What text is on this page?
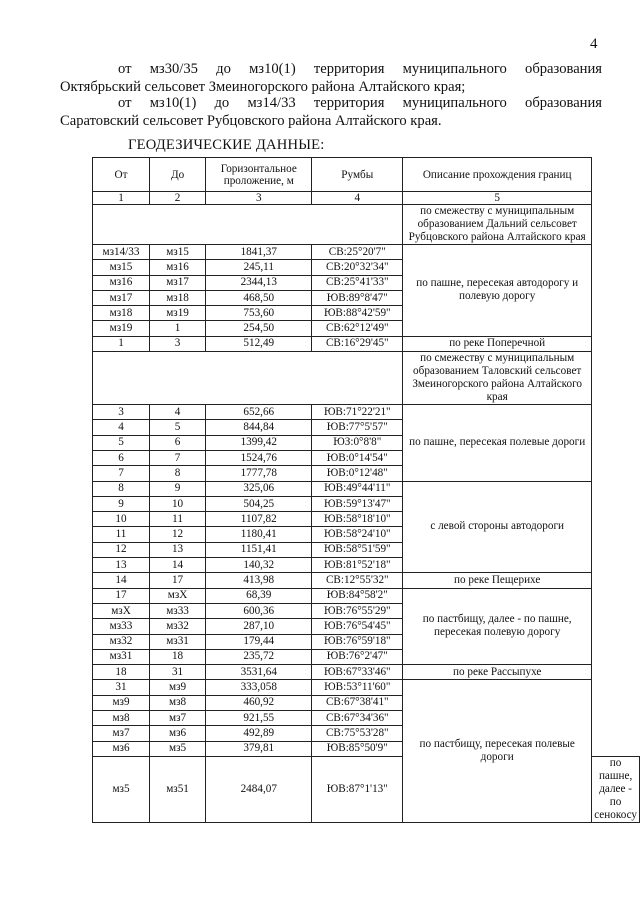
4
от мз30/35 до мз10(1) территория муниципального образования
Октябрьский сельсовет Змеиногорского района Алтайского края;
от мз10(1) до мз14/33 территория муниципального образования
Саратовский сельсовет Рубцовского района Алтайского края.
ГЕОДЕЗИЧЕСКИЕ ДАННЫЕ:
От	До	Горизонтальное проложение, м	Румбы	Описание прохождения границ	
1	2	3	4	5	
				по смежеству с муниципальным образованием Дальний сельсовет Рубцовского района Алтайского края	
мз14/33	мз15	1841,37	СВ:25°20'7"	по пашне, пересекая автодорогу и полевую дорогу	
мз15	мз16	245,11	СВ:20°32'34"		
мз16	мз17	2344,13	СВ:25°41'33"		
мз17	мз18	468,50	ЮВ:89°8'47"		
мз18	мз19	753,60	ЮВ:88°42'59"		
мз19	1	254,50	СВ:62°12'49"		
1	3	512,49	СВ:16°29'45"	по реке Поперечной	
				по смежеству с муниципальным образованием Таловский сельсовет Змеиногорского района Алтайского края	
3	4	652,66	ЮВ:71°22'21"	по пашне, пересекая полевые дороги	
4	5	844,84	ЮВ:77°5'57"		
5	6	1399,42	ЮЗ:0°8'8"		
6	7	1524,76	ЮВ:0°14'54"		
7	8	1777,78	ЮВ:0°12'48"		
8	9	325,06	ЮВ:49°44'11"	с левой стороны автодороги	
9	10	504,25	ЮВ:59°13'47"		
10	11	1107,82	ЮВ:58°18'10"		
11	12	1180,41	ЮВ:58°24'10"		
12	13	1151,41	ЮВ:58°51'59"		
13	14	140,32	ЮВ:81°52'18"		
14	17	413,98	СВ:12°55'32"	по реке Пещерихе	
17	мзХ	68,39	ЮВ:84°58'2"	по пастбищу, далее - по пашне, пересекая полевую дорогу	
мзХ	мз33	600,36	ЮВ:76°55'29"		
мз33	мз32	287,10	ЮВ:76°54'45"		
мз32	мз31	179,44	ЮВ:76°59'18"		
мз31	18	235,72	ЮВ:76°2'47"		
18	31	3531,64	ЮВ:67°33'46"	по реке Рассыпухе	
31	мз9	333,058	ЮВ:53°11'60"	по пастбищу, пересекая полевые дороги	
мз9	мз8	460,92	СВ:67°38'41"		
мз8	мз7	921,55	СВ:67°34'36"		
мз7	мз6	492,89	СВ:75°53'28"		
мз6	мз5	379,81	ЮВ:85°50'9"		
мз5	мз51	2484,07	ЮВ:87°1'13"		по пашне, далее - по сенокосу
